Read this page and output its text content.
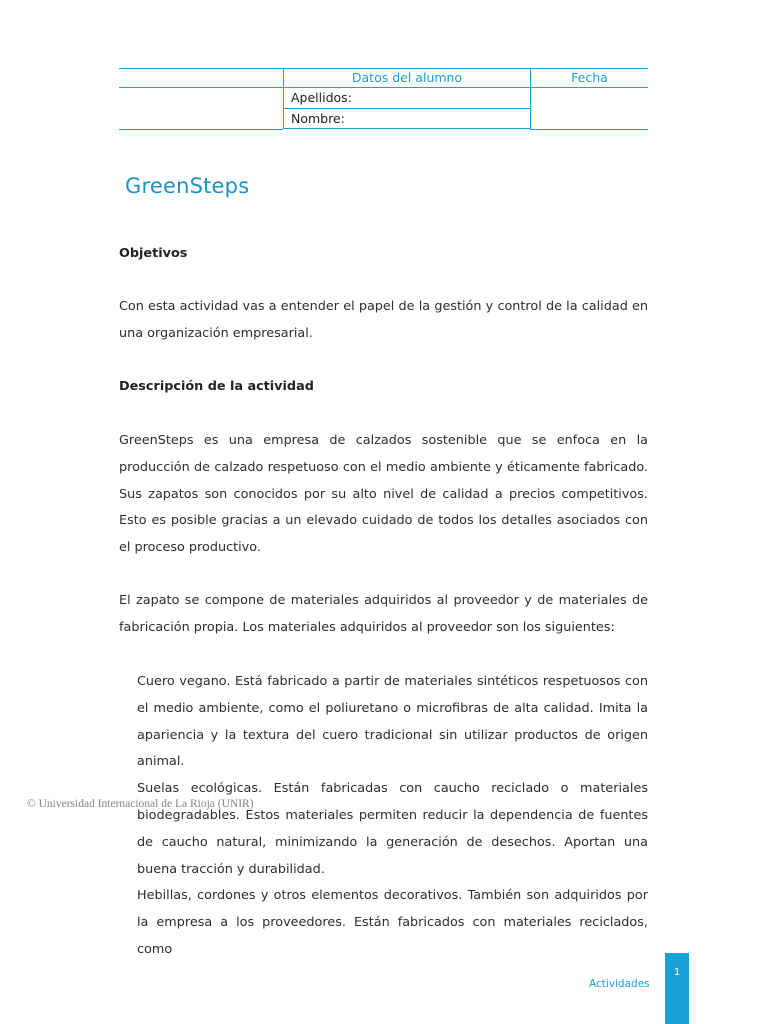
Datos del alumno	Fecha
Apellidos:
Nombre:
GreenSteps
Objetivos
Con esta actividad vas a entender el papel de la gestión y control de la calidad en una organización empresarial.
Descripción de la actividad
GreenSteps es una empresa de calzados sostenible que se enfoca en la producción de calzado respetuoso con el medio ambiente y éticamente fabricado. Sus zapatos son conocidos por su alto nivel de calidad a precios competitivos. Esto es posible gracias a un elevado cuidado de todos los detalles asociados con el proceso productivo.
El zapato se compone de materiales adquiridos al proveedor y de materiales de fabricación propia. Los materiales adquiridos al proveedor son los siguientes:
Cuero vegano. Está fabricado a partir de materiales sintéticos respetuosos con el medio ambiente, como el poliuretano o microfibras de alta calidad. Imita la apariencia y la textura del cuero tradicional sin utilizar productos de origen animal.
Suelas ecológicas. Están fabricadas con caucho reciclado o materiales biodegradables. Estos materiales permiten reducir la dependencia de fuentes de caucho natural, minimizando la generación de desechos. Aportan una buena tracción y durabilidad.
Hebillas, cordones y otros elementos decorativos. También son adquiridos por la empresa a los proveedores. Están fabricados con materiales reciclados, como
© Universidad Internacional de La Rioja (UNIR)
Actividades
1
